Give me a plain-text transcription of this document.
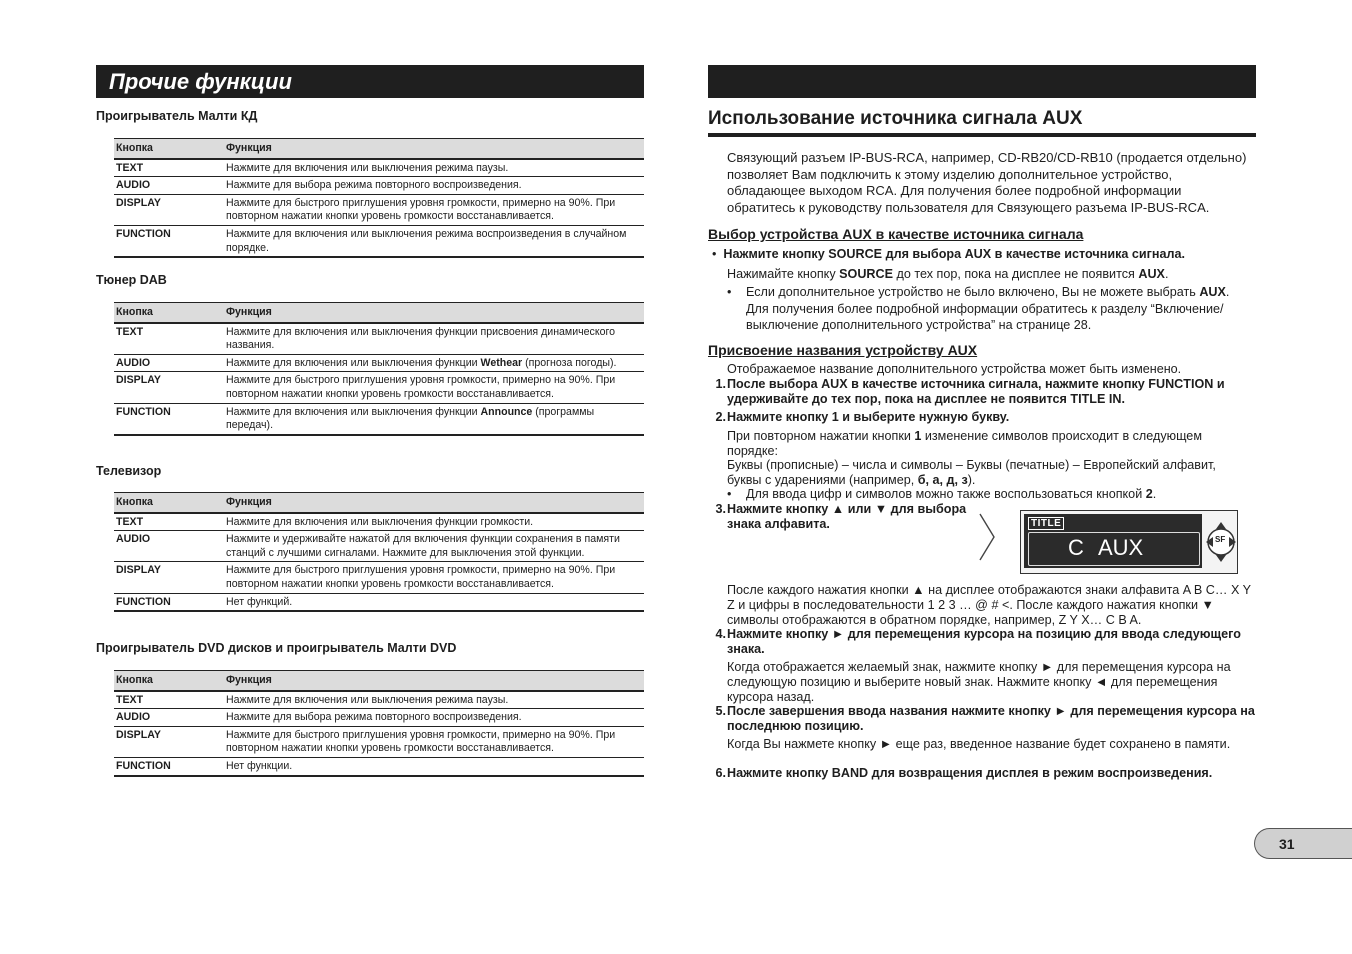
Прочие функции
Проигрыватель Малти КД
Кнопка	Функция
TEXT	Нажмите для включения или выключения режима паузы.
AUDIO	Нажмите для выбора режима повторного воспроизведения.
DISPLAY	Нажмите для быстрого приглушения уровня громкости, примерно на 90%. При повторном нажатии кнопки уровень громкости восстанавливается.
FUNCTION	Нажмите для включения или выключения режима воспроизведения в случайном порядке.
Тюнер DAB
Кнопка	Функция
TEXT	Нажмите для включения или выключения функции присвоения динамического названия.
AUDIO	Нажмите для включения или выключения функции Wethear (прогноза погоды).
DISPLAY	Нажмите для быстрого приглушения уровня громкости, примерно на 90%. При повторном нажатии кнопки уровень громкости восстанавливается.
FUNCTION	Нажмите для включения или выключения функции Announce (программы передач).
Телевизор
Кнопка	Функция
TEXT	Нажмите для включения или выключения функции громкости.
AUDIO	Нажмите и удерживайте нажатой для включения функции сохранения в памяти станций с лучшими сигналами. Нажмите для выключения этой функции.
DISPLAY	Нажмите для быстрого приглушения уровня громкости, примерно на 90%. При повторном нажатии кнопки уровень громкости восстанавливается.
FUNCTION	Нет функций.
Проигрыватель DVD дисков и проигрыватель Малти DVD
Кнопка	Функция
TEXT	Нажмите для включения или выключения режима паузы.
AUDIO	Нажмите для выбора режима повторного воспроизведения.
DISPLAY	Нажмите для быстрого приглушения уровня громкости, примерно на 90%. При повторном нажатии кнопки уровень громкости восстанавливается.
FUNCTION	Нет функции.
Использование источника сигнала AUX
Связующий разъем IP-BUS-RCA, например, CD-RB20/CD-RB10 (продается отдельно) позволяет Вам подключить к этому изделию дополнительное устройство, обладающее выходом RCA. Для получения более подробной информации обратитесь к руководству пользователя для Связующего разъема IP-BUS-RCA.
Выбор устройства AUX в качестве источника сигнала
•  Нажмите кнопку SOURCE для выбора AUX в качестве источника сигнала.
Нажимайте кнопку SOURCE до тех пор, пока на дисплее не появится AUX.
•	Если дополнительное устройство не было включено, Вы не можете выбрать AUX. Для получения более подробной информации обратитесь к разделу “Включение/выключение дополнительного устройства” на странице 28.
Присвоение названия устройству AUX
Отображаемое название дополнительного устройства может быть изменено.
1. После выбора AUX в качестве источника сигнала, нажмите кнопку FUNCTION и удерживайте до тех пор, пока на дисплее не появится TITLE IN.
2. Нажмите кнопку 1 и выберите нужную букву.
При повторном нажатии кнопки 1 изменение символов происходит в следующем порядке:
Буквы (прописные) – числа и символы – Буквы (печатные) – Европейский алфавит, буквы с ударениями (например, б, а, д, з).
•	Для ввода цифр и символов можно также воспользоваться кнопкой 2.
3. Нажмите кнопку ▲ или ▼ для выбора знака алфавита.	TITLE
C AUX	SF
После каждого нажатия кнопки ▲ на дисплее отображаются знаки алфавита A B C… X Y Z и цифры в последовательности 1 2 3 … @ # <. После каждого нажатия кнопки ▼ символы отображаются в обратном порядке, например, Z Y X… C B A.
4. Нажмите кнопку ► для перемещения курсора на позицию для ввода следующего знака.
Когда отображается желаемый знак, нажмите кнопку ► для перемещения курсора на следующую позицию и выберите новый знак. Нажмите кнопку ◄ для перемещения курсора назад.
5. После завершения ввода названия нажмите кнопку ► для перемещения курсора на последнюю позицию.
Когда Вы нажмете кнопку ► еще раз, введенное название будет сохранено в памяти.
6. Нажмите кнопку BAND для возвращения дисплея в режим воспроизведения.
31
